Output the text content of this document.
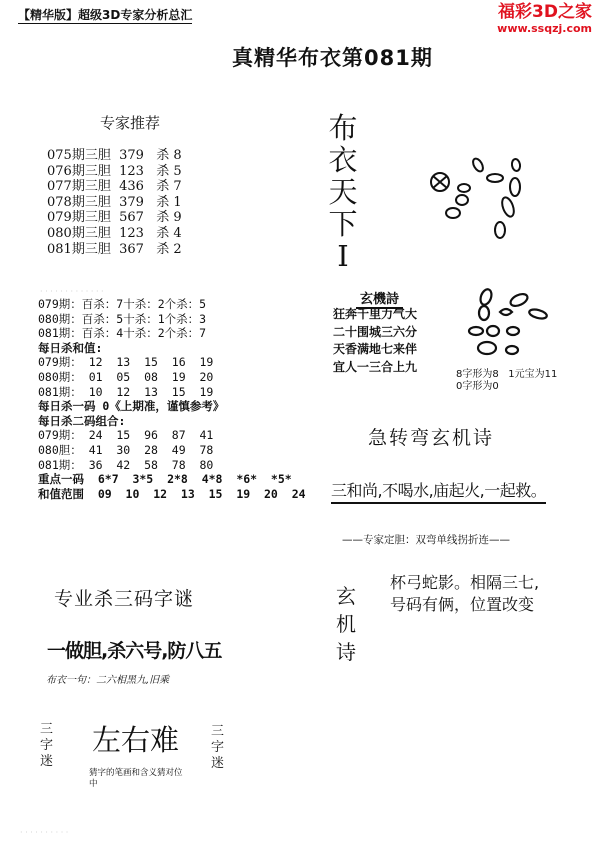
【精华版】超级3D专家分析总汇	福彩3D之家
www.ssqzj.com
真精华布衣第081期
专家推荐
075期三胆  379   杀 8
076期三胆  123   杀 5
077期三胆  436   杀 7
078期三胆  379   杀 1
079期三胆  567   杀 9
080期三胆  123   杀 4
081期三胆  367   杀 2
布
衣
天
下
I
· · · · · · · · · · · · ·
079期：百杀：7十杀：2个杀：5
080期：百杀：5十杀：1个杀：3
081期：百杀：4十杀：2个杀：7
每日杀和值:
079期： 12  13  15  16  19
080期： 01  05  08  19  20
081期： 10  12  13  15  19
每日杀一码 0《上期准，谨慎参考》
每日杀二码组合:
079期： 24  15  96  87  41
080胆： 41  30  28  49  78
081期： 36  42  58  78  80
重点一码  6*7  3*5  2*8  4*8  *6*  *5*
和值范围  09  10  12  13  15  19  20  24
玄機詩
狂奔千里力气大
二十围城三六分
天香满地七来伴
宜人一三合上九
8字形为8   1元宝为11
0字形为0
急转弯玄机诗
三和尚,不喝水,庙起火,一起救。
——专家定胆：双弯单线拐折连——
玄
机
诗
杯弓蛇影。相隔三七,
号码有俩，位置改变
专业杀三码字谜
一做胆,杀六号,防八五
布衣一句：二六相黑九,旧乘
三
字
迷
左右难 三
字
迷
猜字的笔画和含义猜对位中
· · · · · · · · · ·
